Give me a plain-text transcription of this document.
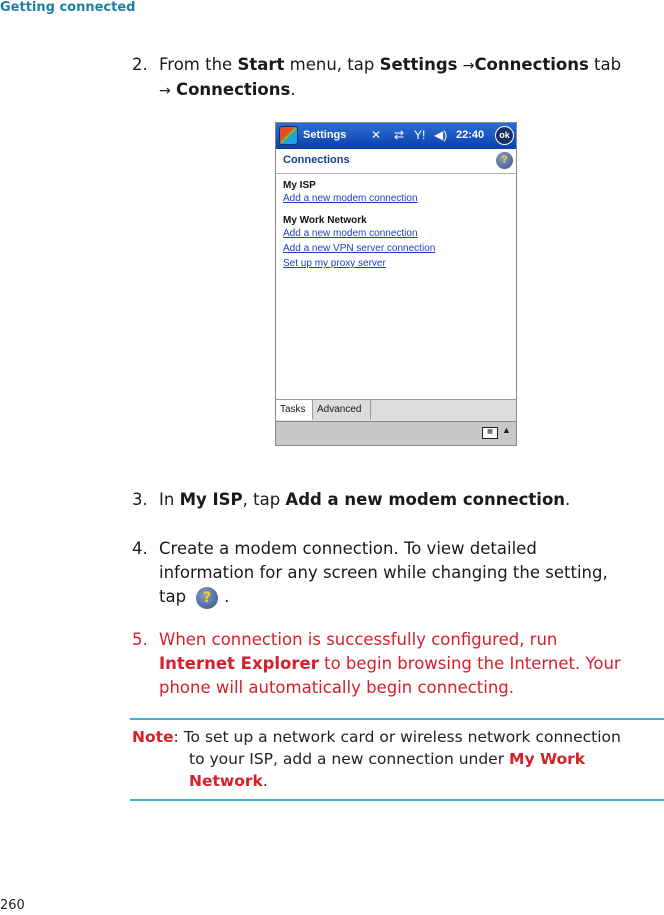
Getting connected
2. From the Start menu, tap Settings →Connections tab
→ Connections.
Settings ✕ ⇄ Y! ◀) 22:40	ok
Connections	?
My ISP
Add a new modem connection
My Work Network
Add a new modem connection
Add a new VPN server connection
Set up my proxy server
Tasks	Advanced
▦	▲
3. In My ISP, tap Add a new modem connection.
4. Create a modem connection. To view detailed
information for any screen while changing the setting,
tap ? .
5. When connection is successfully configured, run
Internet Explorer to begin browsing the Internet. Your
phone will automatically begin connecting.
Note: To set up a network card or wireless network connection

to your ISP, add a new connection under My Work
Network.
260
